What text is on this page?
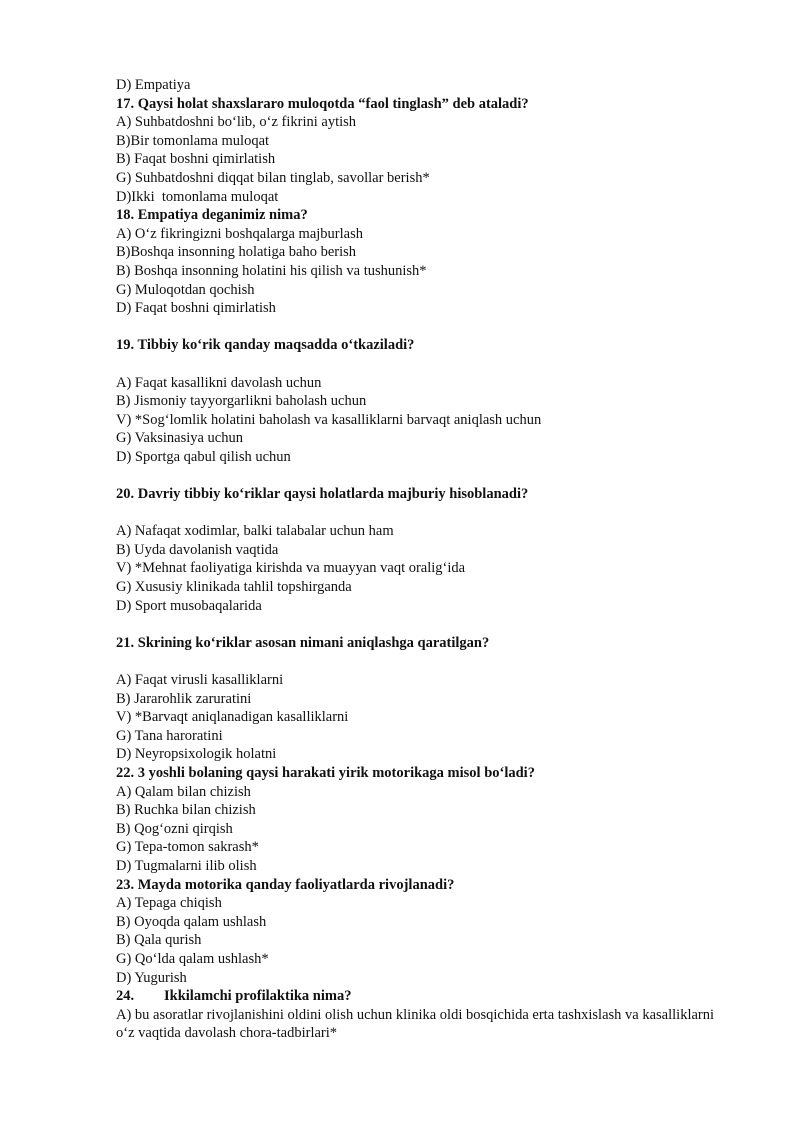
D) Empatiya
17. Qaysi holat shaxslararo muloqotda “faol tinglash” deb ataladi?
A) Suhbatdoshni bo‘lib, o‘z fikrini aytish
B)Bir tomonlama muloqat
B) Faqat boshni qimirlatish
G) Suhbatdoshni diqqat bilan tinglab, savollar berish*
D)Ikki  tomonlama muloqat
18. Empatiya deganimiz nima?
A) O‘z fikringizni boshqalarga majburlash
B)Boshqa insonning holatiga baho berish
B) Boshqa insonning holatini his qilish va tushunish*
G) Muloqotdan qochish
D) Faqat boshni qimirlatish
19. Tibbiy ko‘rik qanday maqsadda o‘tkaziladi?
A) Faqat kasallikni davolash uchun
B) Jismoniy tayyorgarlikni baholash uchun
V) *Sog‘lomlik holatini baholash va kasalliklarni barvaqt aniqlash uchun
G) Vaksinasiya uchun
D) Sportga qabul qilish uchun
20. Davriy tibbiy ko‘riklar qaysi holatlarda majburiy hisoblanadi?
A) Nafaqat xodimlar, balki talabalar uchun ham
B) Uyda davolanish vaqtida
V) *Mehnat faoliyatiga kirishda va muayyan vaqt oralig‘ida
G) Xususiy klinikada tahlil topshirganda
D) Sport musobaqalarida
21. Skrining ko‘riklar asosan nimani aniqlashga qaratilgan?
A) Faqat virusli kasalliklarni
B) Jararohlik zaruratini
V) *Barvaqt aniqlanadigan kasalliklarni
G) Tana haroratini
D) Neyropsixologik holatni
22. 3 yoshli bolaning qaysi harakati yirik motorikaga misol bo‘ladi?
A) Qalam bilan chizish
B) Ruchka bilan chizish
B) Qog‘ozni qirqish
G) Tepa-tomon sakrash*
D) Tugmalarni ilib olish
23. Mayda motorika qanday faoliyatlarda rivojlanadi?
A) Tepaga chiqish
B) Oyoqda qalam ushlash
B) Qala qurish
G) Qo‘lda qalam ushlash*
D) Yugurish
24.	Ikkilamchi profilaktika nima?
A) bu asoratlar rivojlanishini oldini olish uchun klinika oldi bosqichida erta tashxislash va kasalliklarni o‘z vaqtida davolash chora-tadbirlari*
